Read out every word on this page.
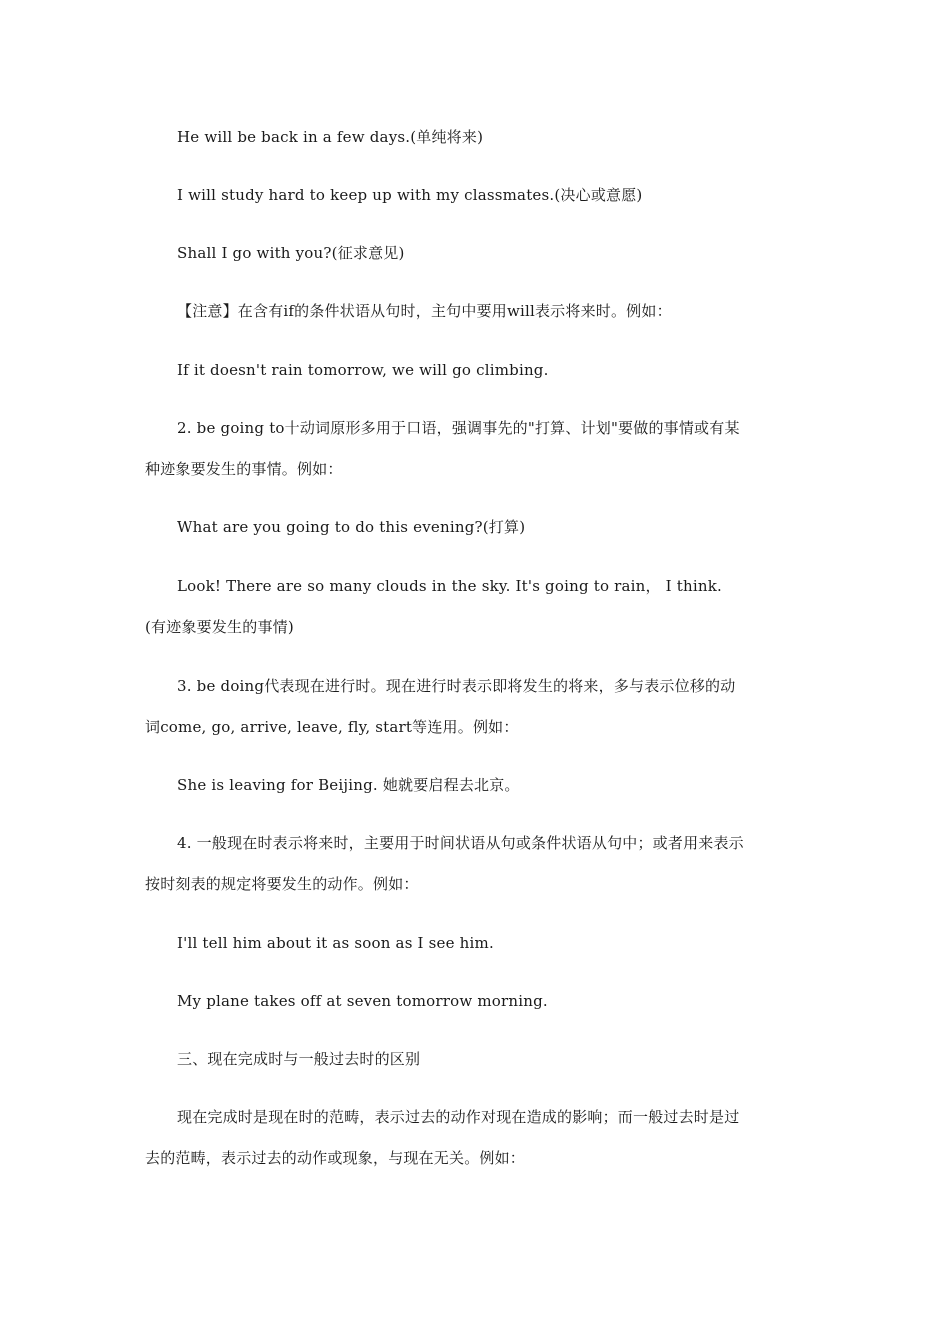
He will be back in a few days.(单纯将来)
I will study hard to keep up with my classmates.(决心或意愿)
Shall I go with you?(征求意见)
【注意】在含有if的条件状语从句时，主句中要用will表示将来时。例如：
If it doesn't rain tomorrow, we will go climbing.
2. be going to十动词原形多用于口语，强调事先的"打算、计划"要做的事情或有某
种迹象要发生的事情。例如：
What are you going to do this evening?(打算)
Look! There are so many clouds in the sky. It's going to rain， I think.
(有迹象要发生的事情)
3. be doing代表现在进行时。现在进行时表示即将发生的将来，多与表示位移的动
词come, go, arrive, leave, fly, start等连用。例如：
She is leaving for Beijing. 她就要启程去北京。
4. 一般现在时表示将来时，主要用于时间状语从句或条件状语从句中；或者用来表示
按时刻表的规定将要发生的动作。例如：
I'll tell him about it as soon as I see him.
My plane takes off at seven tomorrow morning.
三、现在完成时与一般过去时的区别
现在完成时是现在时的范畴，表示过去的动作对现在造成的影响；而一般过去时是过
去的范畴，表示过去的动作或现象，与现在无关。例如：
